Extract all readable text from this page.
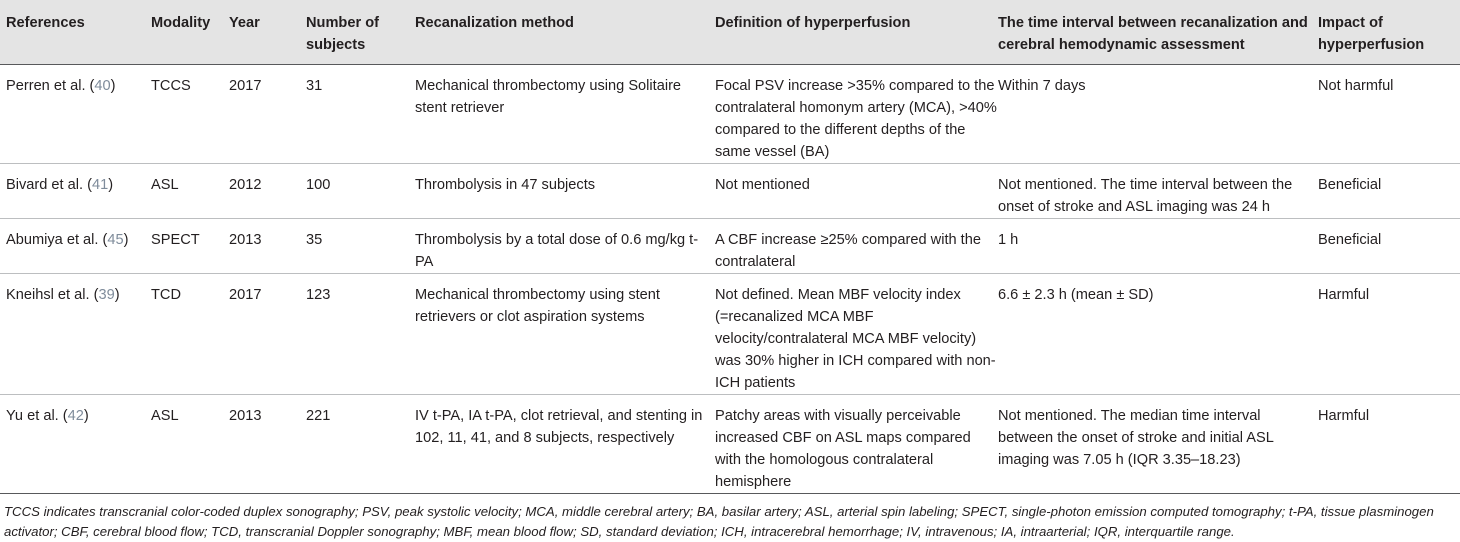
References	Modality	Year	Number of subjects	Recanalization method	Definition of hyperperfusion	The time interval between recanalization and cerebral hemodynamic assessment	Impact of hyperperfusion
Perren et al. (40)	TCCS	2017	31	Mechanical thrombectomy using Solitaire stent retriever	Focal PSV increase >35% compared to the contralateral homonym artery (MCA), >40% compared to the different depths of the same vessel (BA)	Within 7 days	Not harmful
Bivard et al. (41)	ASL	2012	100	Thrombolysis in 47 subjects	Not mentioned	Not mentioned. The time interval between the onset of stroke and ASL imaging was 24 h	Beneficial
Abumiya et al. (45)	SPECT	2013	35	Thrombolysis by a total dose of 0.6 mg/kg t-PA	A CBF increase ≥25% compared with the contralateral	1 h	Beneficial
Kneihsl et al. (39)	TCD	2017	123	Mechanical thrombectomy using stent retrievers or clot aspiration systems	Not defined. Mean MBF velocity index (=recanalized MCA MBF velocity/contralateral MCA MBF velocity) was 30% higher in ICH compared with non-ICH patients	6.6 ± 2.3 h (mean ± SD)	Harmful
Yu et al. (42)	ASL	2013	221	IV t-PA, IA t-PA, clot retrieval, and stenting in 102, 11, 41, and 8 subjects, respectively	Patchy areas with visually perceivable increased CBF on ASL maps compared with the homologous contralateral hemisphere	Not mentioned. The median time interval between the onset of stroke and initial ASL imaging was 7.05 h (IQR 3.35–18.23)	Harmful
TCCS indicates transcranial color-coded duplex sonography; PSV, peak systolic velocity; MCA, middle cerebral artery; BA, basilar artery; ASL, arterial spin labeling; SPECT, single-photon emission computed tomography; t-PA, tissue plasminogen activator; CBF, cerebral blood flow; TCD, transcranial Doppler sonography; MBF, mean blood flow; SD, standard deviation; ICH, intracerebral hemorrhage; IV, intravenous; IA, intraarterial; IQR, interquartile range.
